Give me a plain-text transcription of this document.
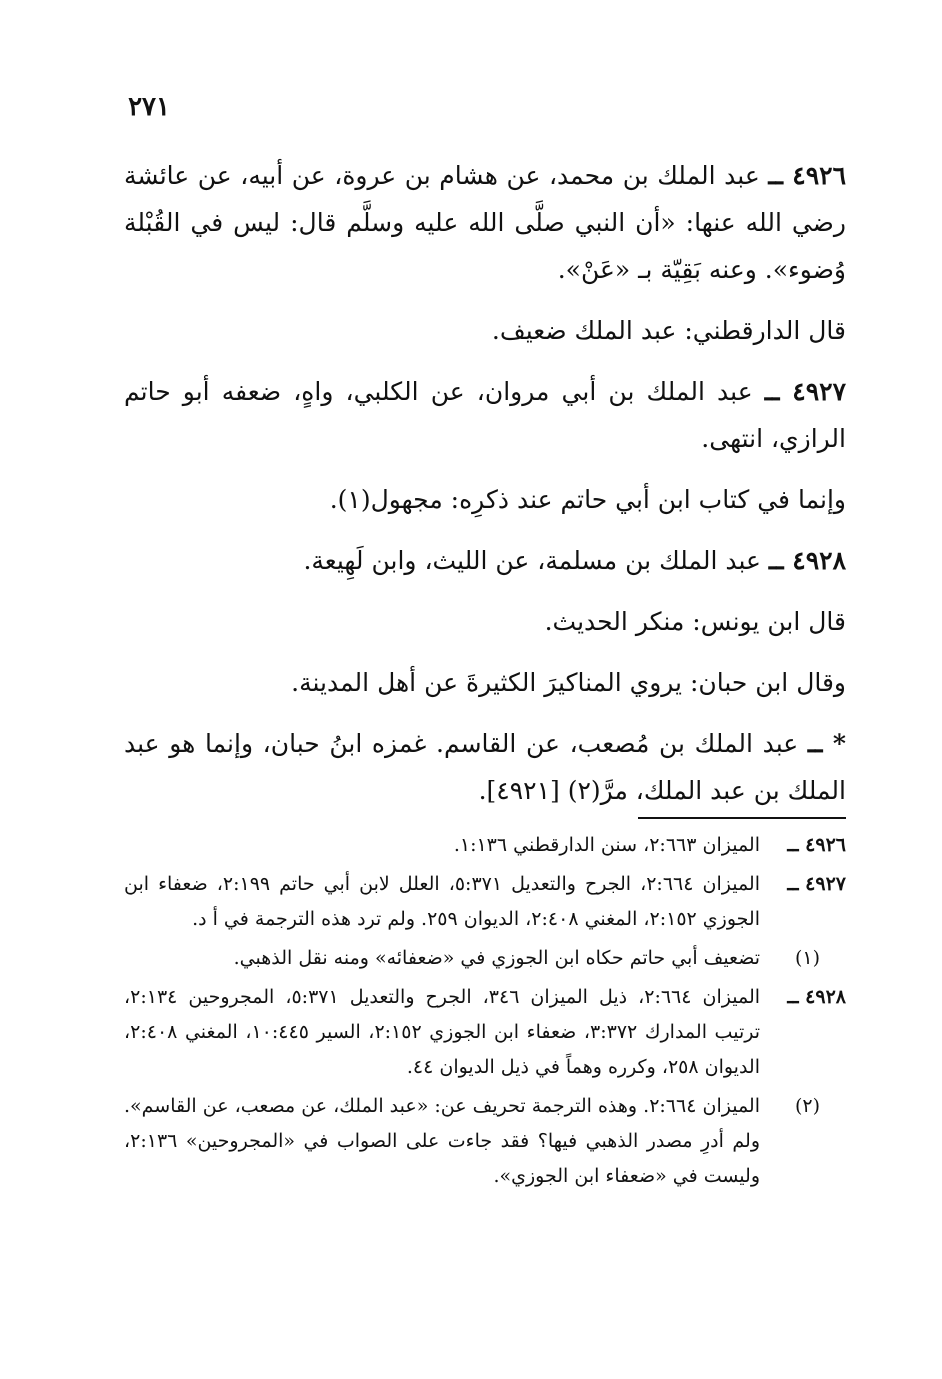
٢٧١

٤٩٢٦ ــ عبد الملك بن محمد، عن هشام بن عروة، عن أبيه، عن عائشة رضي الله عنها: «أن النبي صلَّى الله عليه وسلَّم قال: ليس في القُبْلة وُضوء». وعنه بَقِيّة بـ «عَنْ».

قال الدارقطني: عبد الملك ضعيف.

٤٩٢٧ ــ عبد الملك بن أبي مروان، عن الكلبي، واهٍ، ضعفه أبو حاتم الرازي، انتهى.

وإنما في كتاب ابن أبي حاتم عند ذكرِه: مجهول(١).

٤٩٢٨ ــ عبد الملك بن مسلمة، عن الليث، وابن لَهِيعة.

قال ابن يونس: منكر الحديث.

وقال ابن حبان: يروي المناكيرَ الكثيرةَ عن أهل المدينة.

* ــ عبد الملك بن مُصعب، عن القاسم. غمزه ابنُ حبان، وإنما هو عبد الملك بن عبد الملك، مرَّ(٢) [٤٩٢١].

٤٩٢٦ ــ
الميزان ٢:٦٦٣، سنن الدارقطني ١:١٣٦.
٤٩٢٧ ــ
الميزان ٢:٦٦٤، الجرح والتعديل ٥:٣٧١، العلل لابن أبي حاتم ٢:١٩٩، ضعفاء ابن الجوزي ٢:١٥٢، المغني ٢:٤٠٨، الديوان ٢٥٩. ولم ترد هذه الترجمة في أ د.
(١)
تضعيف أبي حاتم حكاه ابن الجوزي في «ضعفائه» ومنه نقل الذهبي.
٤٩٢٨ ــ
الميزان ٢:٦٦٤، ذيل الميزان ٣٤٦، الجرح والتعديل ٥:٣٧١، المجروحين ٢:١٣٤، ترتيب المدارك ٣:٣٧٢، ضعفاء ابن الجوزي ٢:١٥٢، السير ١٠:٤٤٥، المغني ٢:٤٠٨، الديوان ٢٥٨، وكرره وهماً في ذيل الديوان ٤٤.
(٢)
الميزان ٢:٦٦٤. وهذه الترجمة تحريف عن: «عبد الملك، عن مصعب، عن القاسم». ولم أدرِ مصدر الذهبي فيها؟ فقد جاءت على الصواب في «المجروحين» ٢:١٣٦، وليست في «ضعفاء ابن الجوزي».
